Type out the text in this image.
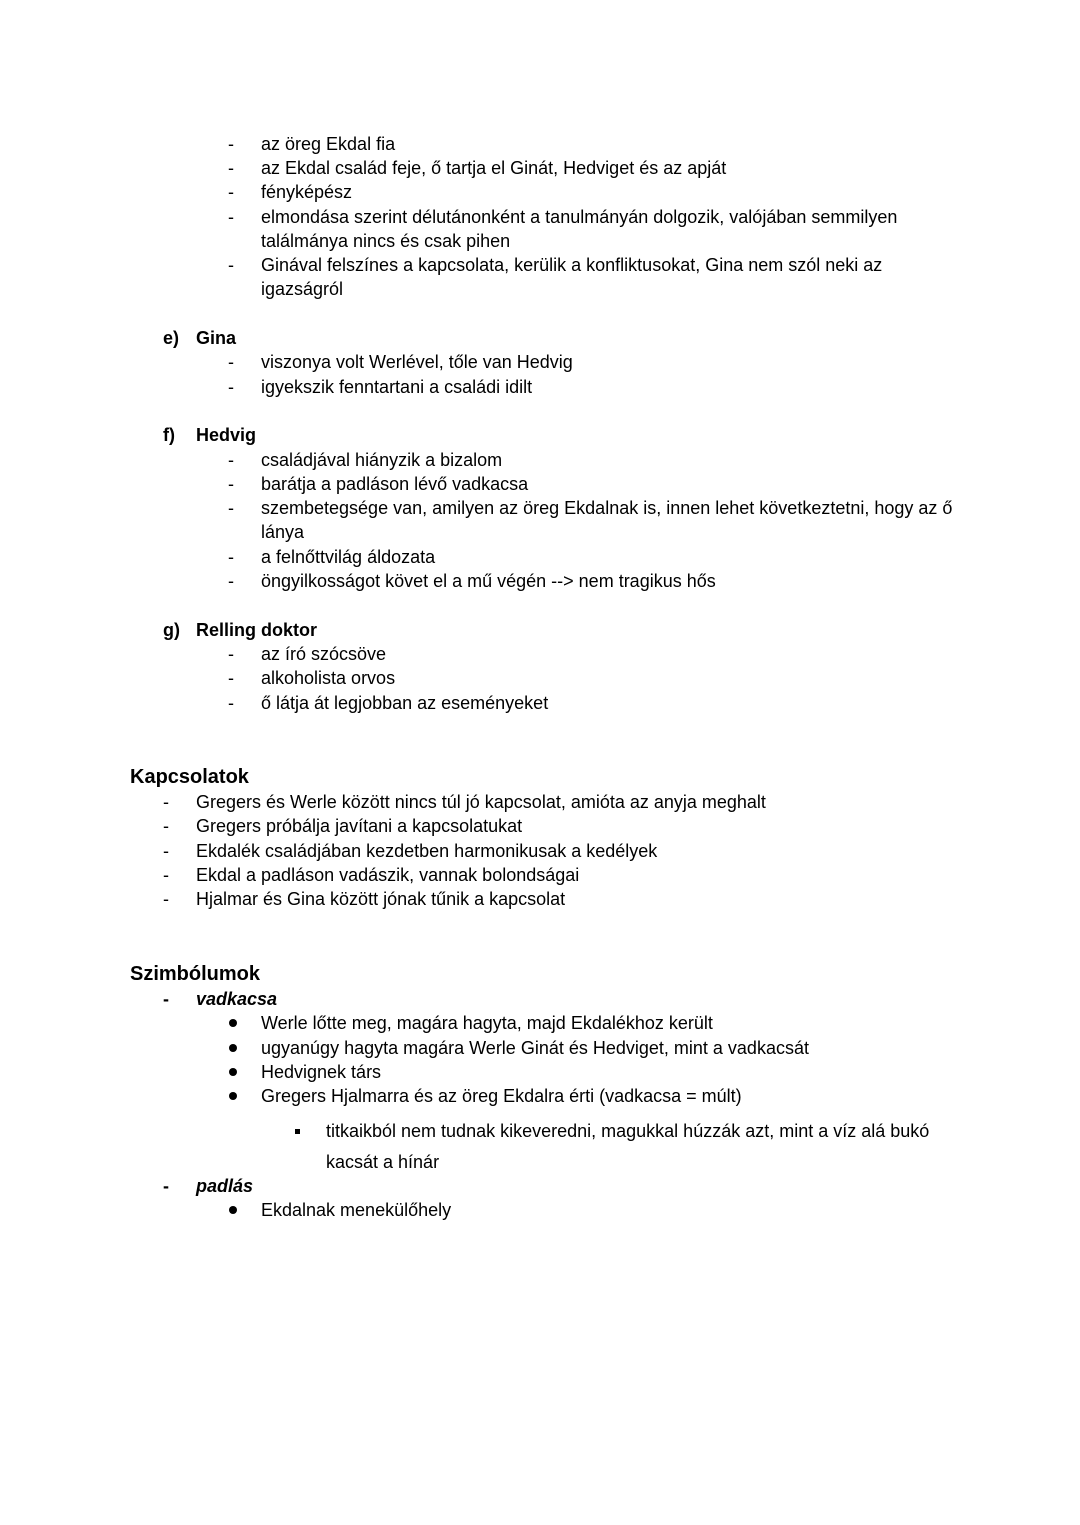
- az öreg Ekdal fia
- az Ekdal család feje, ő tartja el Ginát, Hedviget és az apját
- fényképész
- elmondása szerint délutánonként a tanulmányán dolgozik, valójában semmilyen
találmánya nincs és csak pihen
- Ginával felszínes a kapcsolata, kerülik a konfliktusokat, Gina nem szól neki az
igazságról
e) Gina
- viszonya volt Werlével, tőle van Hedvig
- igyekszik fenntartani a családi idilt
f) Hedvig
- családjával hiányzik a bizalom
- barátja a padláson lévő vadkacsa
- szembetegsége van, amilyen az öreg Ekdalnak is, innen lehet következtetni, hogy az ő
lánya
- a felnőttvilág áldozata
- öngyilkosságot követ el a mű végén --> nem tragikus hős
g) Relling doktor
- az író szócsöve
- alkoholista orvos
- ő látja át legjobban az eseményeket
Kapcsolatok
- Gregers és Werle között nincs túl jó kapcsolat, amióta az anyja meghalt
- Gregers próbálja javítani a kapcsolatukat
- Ekdalék családjában kezdetben harmonikusak a kedélyek
- Ekdal a padláson vadászik, vannak bolondságai
- Hjalmar és Gina között jónak tűnik a kapcsolat
Szimbólumok
- vadkacsa
Werle lőtte meg, magára hagyta, majd Ekdalékhoz került
ugyanúgy hagyta magára Werle Ginát és Hedviget, mint a vadkacsát
Hedvignek társ
Gregers Hjalmarra és az öreg Ekdalra érti (vadkacsa = múlt)
titkaikból nem tudnak kikeveredni, magukkal húzzák azt, mint a víz alá bukó
kacsát a hínár
- padlás
Ekdalnak menekülőhely
